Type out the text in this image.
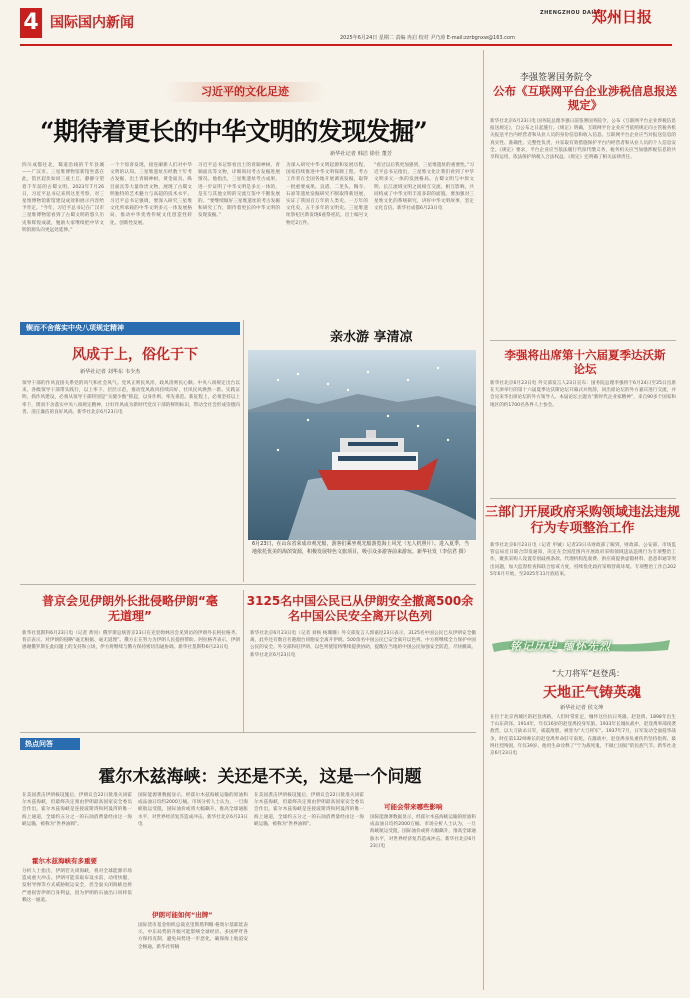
4 国际国内新闻
ZHENGZHOU DAILY
郑州日报
2025年6月24日 星期二 责编 冉启 校对 尹乃涛 E-mail:zzrbgnxw@163.com
习近平的文化足迹
“期待着更长的中华文明的发现发掘”
新华社记者 韩洁 徐壮 董芳
四川成都往北，蜀道沿线的千年县城——广汉市。三星堆博物馆新馆坐落在此，馆区起伏如同三座土丘，静静守望着千年前的古蜀文明。2023年7月26日，习近平总书记来到这里考察，对三星堆博物馆新馆建设成效和展示内容给予肯定。“今年，习近平总书记在广汉市三星堆博物馆看到了古蜀文明的悠久历史和辉煌成就，勉励大家继续把中华文明的源头向更远处延伸。”
一个个惊喜发现，接连刷新人们对中华文明的认知。三星堆遗址历经数十年考古发掘，出土青铜神树、黄金面具、纵目面具等大量珍贵文物，展现了古蜀文明独特的艺术魅力与高超的技术水平。习近平总书记强调，要深入研究三星堆文化所承载的中华文明多元一体发展格局，推动中华优秀传统文化创造性转化、创新性发展。
习近平总书记察看出土的青铜神树、青铜面具等文物，详细询问考古发掘进展情况。他指出，三星堆遗址考古成果，进一步证明了中华文明是多元一体的，是在与其他文明的交流互鉴中不断发展的。“要继续做好三星堆遗址的考古发掘和研究工作，期待着更长的中华文明的发现发掘。”
为深入研究中华文明起源和发展历程，国家持续推进中华文明探源工程。考古工作者在全国各地开展调查发掘，取得一批重要成果。良渚、二里头、陶寺、石峁等遗址发掘研究不断取得新进展，实证了我国百万年的人类史、一万年的文化史、五千多年的文明史。三星堆遗址祭祀区新发现6座祭祀坑，出土编号文物近2万件。
“看过以后我更加感到，三星堆遗址的重要性。”习近平总书记指出，三星堆文化让我们看到了中华文明多元一体的发展格局。古蜀文明与中原文明、长江流域文明之间相互交流、相互影响，共同构成了中华文明丰富多彩的面貌。要加强对三星堆文化的系统研究，讲好中华文明故事，坚定文化自信。新华社成都6月23日电
李强签署国务院令
公布《互联网平台企业涉税信息报送规定》
新华社北京6月23日电 国务院总理李强日前签署国务院令，公布《互联网平台企业涉税信息报送规定》，自公布之日起施行。《规定》明确，互联网平台企业应当依照规定向主管税务机关报送平台内经营者和从业人员的身份信息和收入信息。互联网平台企业应当对报送信息的真实性、准确性、完整性负责，并采取有效措施保护平台内经营者和从业人员的个人信息安全。《规定》要求，平台企业应当依法履行代扣代缴义务，税务机关应当加强涉税信息的共享和运用，依法保护纳税人合法权益。《规定》还明确了相关法律责任。
李强将出席第十六届夏季达沃斯论坛
新华社北京6月23日电 外交部发言人23日宣布：国务院总理李强将于6月24日至25日出席在天津举行的第十六届夏季达沃斯论坛开幕式并致辞，同出席论坛的外方嘉宾进行交流，并会见来华出席论坛的外方领导人。本届论坛主题为“新时代企业家精神”，来自90多个国家和地区的约1700名各界人士参会。
三部门开展政府采购领域违法违规行为专项整治工作
新华社北京6月23日电（记者 申铖）记者23日从财政部了解到，财政部、公安部、市场监管总局近日联合印发通知，决定在全国范围内开展政府采购领域违法违规行为专项整治工作，聚焦采购人设置差别歧视条款、代理机构乱收费、供应商提供虚假材料、恶意串通等突出问题，加大监督检查和联合惩戒力度，持续优化政府采购营商环境。专项整治工作自2025年6月开始，至2025年11月底结束。
铭记历史 缅怀先烈
“大刀将军”赵登禹：
天地正气铸英魂
新华社记者 侯文坤
在位于北京西城区的赵登禹路，人们时常驻足，缅怀这位抗日英雄。赵登禹，1898年出生于山东菏泽。1914年，年仅16岁的赵登禹投身军旅。1933年长城抗战中，赵登禹率部夜袭敌营，以大刀砍杀日军，威震敌胆，被誉为“大刀将军”。1937年7月，日军发动全面侵华战争，时任第132师师长的赵登禹奉命驻守南苑。在激战中，赵登禹身负重伤仍坚持指挥，最终壮烈殉国，年仅39岁。他用生命诠释了“宁为战死鬼，不做亡国奴”的民族气节。新华社北京6月23日电
锲而不舍落实中央八项规定精神
风成于上，俗化于下
新华社记者 刘华东 韦少杰
领导干部的作风直接关系党的风气和社会风气。党风正则民风淳，政风清则民心顺。中央八项规定出台以来，各级领导干部带头践行，以上率下、层层示范，推动党风政风持续向好，社风民风焕然一新。实践证明，抓作风建设，必须从领导干部特别是“关键少数”抓起，以身作则、率先垂范。新征程上，必须坚持以上率下，锲而不舍落实中央八项规定精神，让好作风成为新时代党员干部的鲜明标识，带动全社会形成崇德向善、清正廉洁的良好风尚。新华社北京6月23日电
亲水游 享清凉
6月23日，在山东省荣成市观光船，游客们乘坐观光船游览海上风光（无人机照片）。进入夏季，当地依托优美的海滨资源，积极发展特色文旅项目，吸引众多游客前来游玩。新华社发（李信君 摄）
普京会见伊朗外长批侵略伊朗“毫无道理”
新华社莫斯科6月23日电（记者 黄河）俄罗斯总统普京23日在克里姆林宫会见到访的伊朗外长阿拉格齐。普京表示，对伊朗的侵略“毫无根据、毫无道理”。俄方正在努力为伊朗人民提供帮助。阿拉格齐表示，伊朗感谢俄罗斯在此问题上的支持和立场，伊方将继续与俄方保持密切沟通协调。新华社莫斯科6月23日电
3125名中国公民已从伊朗安全撤离500余名中国公民安全离开以色列
新华社北京6月23日电（记者 刘杨 杨珊珊）外交部发言人郭嘉昆23日表示，3125名中国公民已从伊朗安全撤离，此外还有数百名港澳台同胞安全离开伊朗。500余名中国公民已安全离开以色列。中方将继续全力保护中国公民的安全。外交部和驻伊朗、以色列使馆将继续提供协助，提醒在当地的中国公民加强安全防范，尽快撤离。新华社北京6月23日电
热点问答
霍尔木兹海峡：关还是不关，这是一个问题
在美国袭击伊朗核设施后，伊朗议会22日批准关闭霍尔木兹海峡，但最终决定须由伊朗最高国家安全委员会作出。霍尔木兹海峡是连接波斯湾和阿曼湾的唯一海上通道，全球约五分之一的石油消费量经由这一海峡运输，被称为“世界油阀”。
霍尔木兹海峡有多重要
分析人士指出，伊朗若关闭海峡，将对全球能源市场造成重大冲击。伊朗可能采取布设水雷、动用快艇、发射导弹等方式威胁航运安全，但全面关闭海峡也将严重损害伊朗自身利益，因为伊朗的石油出口同样依赖这一通道。
国际能源署数据显示，经霍尔木兹海峡运输的原油和成品油日均约2000万桶。市场分析人士认为，一旦海峡航运受阻，国际油价或将大幅飙升，推高全球通胀水平，对世界经济复苏造成冲击。新华社北京6月23日电
伊朗可能如何“出牌”
国际货币基金组织总裁克里斯塔利娜·格奥尔基耶娃表示，中东局势的升级可能影响全球经济。多国呼吁各方保持克制，避免局势进一步恶化，确保海上航道安全畅通。新华社特稿
在美国袭击伊朗核设施后，伊朗议会22日批准关闭霍尔木兹海峡，但最终决定须由伊朗最高国家安全委员会作出。霍尔木兹海峡是连接波斯湾和阿曼湾的唯一海上通道，全球约五分之一的石油消费量经由这一海峡运输，被称为“世界油阀”。
可能会带来哪些影响
国际能源署数据显示，经霍尔木兹海峡运输的原油和成品油日均约2000万桶。市场分析人士认为，一旦海峡航运受阻，国际油价或将大幅飙升，推高全球通胀水平，对世界经济复苏造成冲击。新华社北京6月23日电
